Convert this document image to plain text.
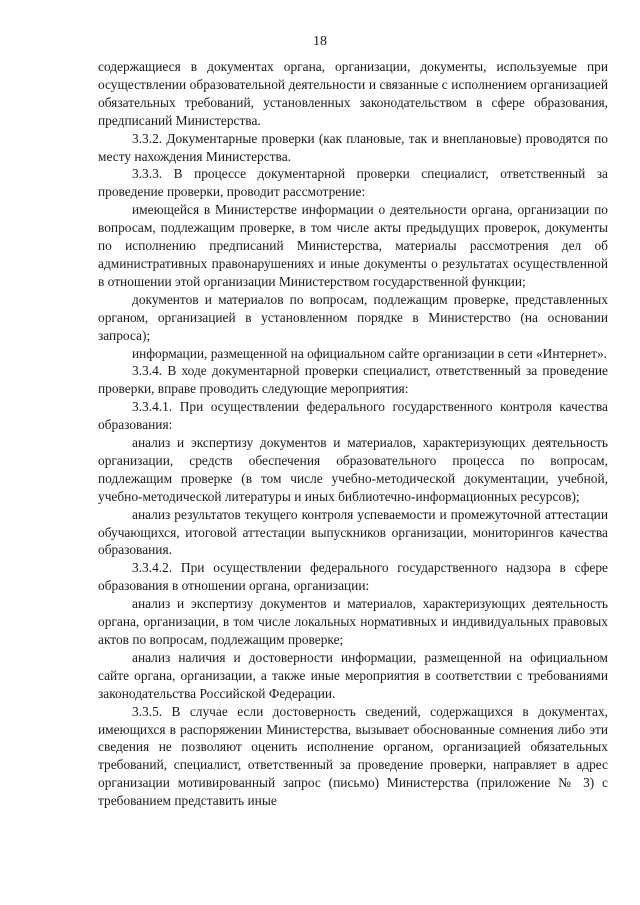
18

содержащиеся в документах органа, организации, документы, используемые при осуществлении образовательной деятельности и связанные с исполнением организацией обязательных требований, установленных законодательством в сфере образования, предписаний Министерства.

3.3.2. Документарные проверки (как плановые, так и внеплановые) проводятся по месту нахождения Министерства.

3.3.3. В процессе документарной проверки специалист, ответственный за проведение проверки, проводит рассмотрение:

имеющейся в Министерстве информации о деятельности органа, организации по вопросам, подлежащим проверке, в том числе акты предыдущих проверок, документы по исполнению предписаний Министерства, материалы рассмотрения дел об административных правонарушениях и иные документы о результатах осуществленной в отношении этой организации Министерством государственной функции;

документов и материалов по вопросам, подлежащим проверке, представленных органом, организацией в установленном порядке в Министерство (на основании запроса);

информации, размещенной на официальном сайте организации в сети «Интернет».

3.3.4. В ходе документарной проверки специалист, ответственный за проведение проверки, вправе проводить следующие мероприятия:

3.3.4.1. При осуществлении федерального государственного контроля качества образования:

анализ и экспертизу документов и материалов, характеризующих деятельность организации, средств обеспечения образовательного процесса по вопросам, подлежащим проверке (в том числе учебно-методической документации, учебной, учебно-методической литературы и иных библиотечно-информационных ресурсов);

анализ результатов текущего контроля успеваемости и промежуточной аттестации обучающихся, итоговой аттестации выпускников организации, мониторингов качества образования.

3.3.4.2. При осуществлении федерального государственного надзора в сфере образования в отношении органа, организации:

анализ и экспертизу документов и материалов, характеризующих деятельность органа, организации, в том числе локальных нормативных и индивидуальных правовых актов по вопросам, подлежащим проверке;

анализ наличия и достоверности информации, размещенной на официальном сайте органа, организации, а также иные мероприятия в соответствии с требованиями законодательства Российской Федерации.

3.3.5. В случае если достоверность сведений, содержащихся в документах, имеющихся в распоряжении Министерства, вызывает обоснованные сомнения либо эти сведения не позволяют оценить исполнение органом, организацией обязательных требований, специалист, ответственный за проведение проверки, направляет в адрес организации мотивированный запрос (письмо) Министерства (приложение № 3) с требованием представить иные
